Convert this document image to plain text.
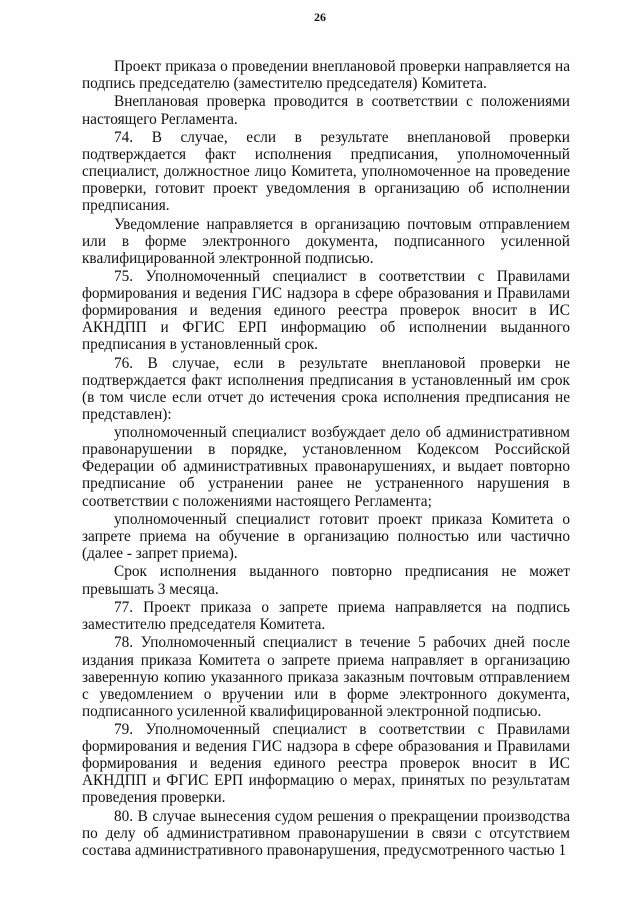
26

Проект приказа о проведении внеплановой проверки направляется на подпись председателю (заместителю председателя) Комитета.

Внеплановая проверка проводится в соответствии с положениями настоящего Регламента.

74. В случае, если в результате внеплановой проверки подтверждается факт исполнения предписания, уполномоченный специалист, должностное лицо Комитета, уполномоченное на проведение проверки, готовит проект уведомления в организацию об исполнении предписания.

Уведомление направляется в организацию почтовым отправлением или в форме электронного документа, подписанного усиленной квалифицированной электронной подписью.

75. Уполномоченный специалист в соответствии с Правилами формирования и ведения ГИС надзора в сфере образования и Правилами формирования и ведения единого реестра проверок вносит в ИС АКНДПП и ФГИС ЕРП информацию об исполнении выданного предписания в установленный срок.

76. В случае, если в результате внеплановой проверки не подтверждается факт исполнения предписания в установленный им срок (в том числе если отчет до истечения срока исполнения предписания не представлен):

уполномоченный специалист возбуждает дело об административном правонарушении в порядке, установленном Кодексом Российской Федерации об административных правонарушениях, и выдает повторно предписание об устранении ранее не устраненного нарушения в соответствии с положениями настоящего Регламента;

уполномоченный специалист готовит проект приказа Комитета о запрете приема на обучение в организацию полностью или частично (далее - запрет приема).

Срок исполнения выданного повторно предписания не может превышать 3 месяца.

77. Проект приказа о запрете приема направляется на подпись заместителю председателя Комитета.

78. Уполномоченный специалист в течение 5 рабочих дней после издания приказа Комитета о запрете приема направляет в организацию заверенную копию указанного приказа заказным почтовым отправлением с уведомлением о вручении или в форме электронного документа, подписанного усиленной квалифицированной электронной подписью.

79. Уполномоченный специалист в соответствии с Правилами формирования и ведения ГИС надзора в сфере образования и Правилами формирования и ведения единого реестра проверок вносит в ИС АКНДПП и ФГИС ЕРП информацию о мерах, принятых по результатам проведения проверки.

80. В случае вынесения судом решения о прекращении производства по делу об административном правонарушении в связи с отсутствием состава административного правонарушения, предусмотренного частью 1
